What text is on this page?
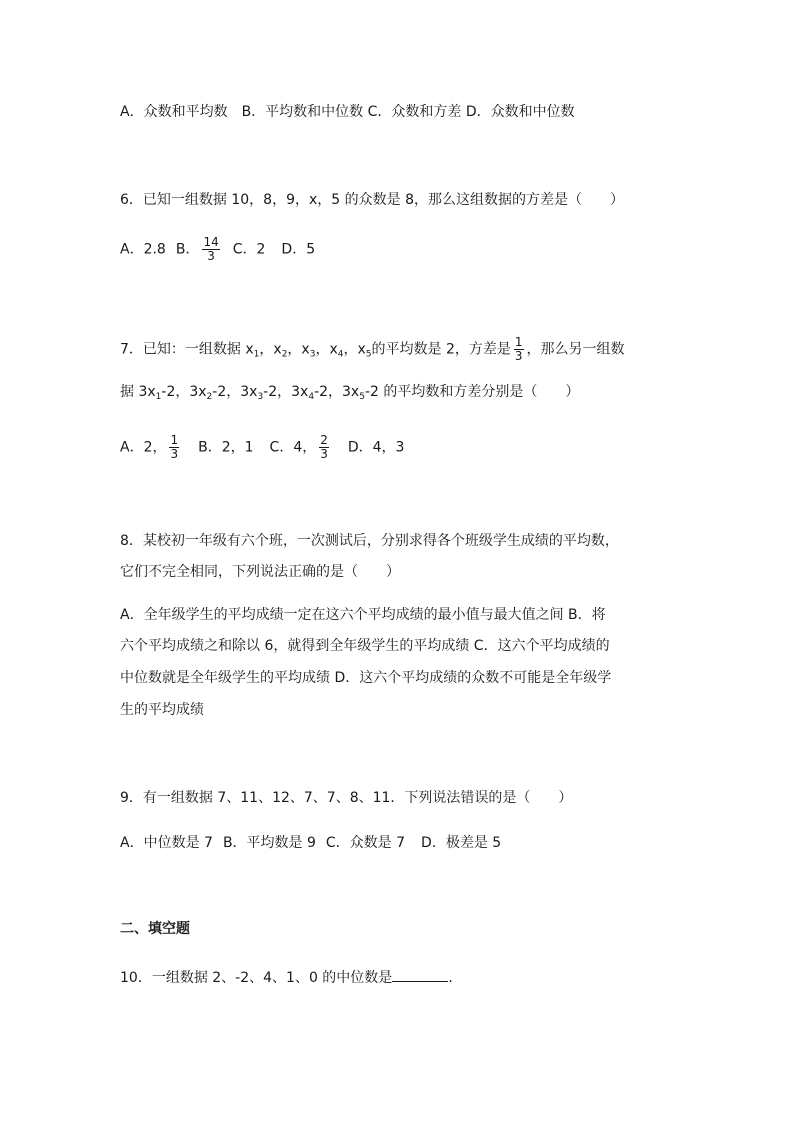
A．众数和平均数　B．平均数和中位数 C．众数和方差 D．众数和中位数
6．已知一组数据 10，8，9，x，5 的众数是 8，那么这组数据的方差是（　　）
A．2.8 B． $\frac{14}{3}$ C．2 D．5
7．已知：一组数据 $x_1$，$x_2$，$x_3$，$x_4$，$x_5$的平均数是 2，方差是 $\frac{1}{3}$ ，那么另一组数
据 $3x_1-2$，$3x_2-2$，$3x_3-2$，$3x_4-2$，$3x_5-2$ 的平均数和方差分别是（　　）
A．2， $\frac{1}{3}$ B．2，1 C．4， $\frac{2}{3}$ D．4，3
8．某校初一年级有六个班，一次测试后，分别求得各个班级学生成绩的平均数，
它们不完全相同，下列说法正确的是（　　）
A．全年级学生的平均成绩一定在这六个平均成绩的最小值与最大值之间 B．将
六个平均成绩之和除以 6，就得到全年级学生的平均成绩 C．这六个平均成绩的
中位数就是全年级学生的平均成绩 D．这六个平均成绩的众数不可能是全年级学
生的平均成绩
9．有一组数据 7、11、12、7、7、8、11．下列说法错误的是（　　）
A．中位数是 7 B．平均数是 9 C．众数是 7 D．极差是 5
二、填空题
10．一组数据 2、-2、4、1、0 的中位数是	．
